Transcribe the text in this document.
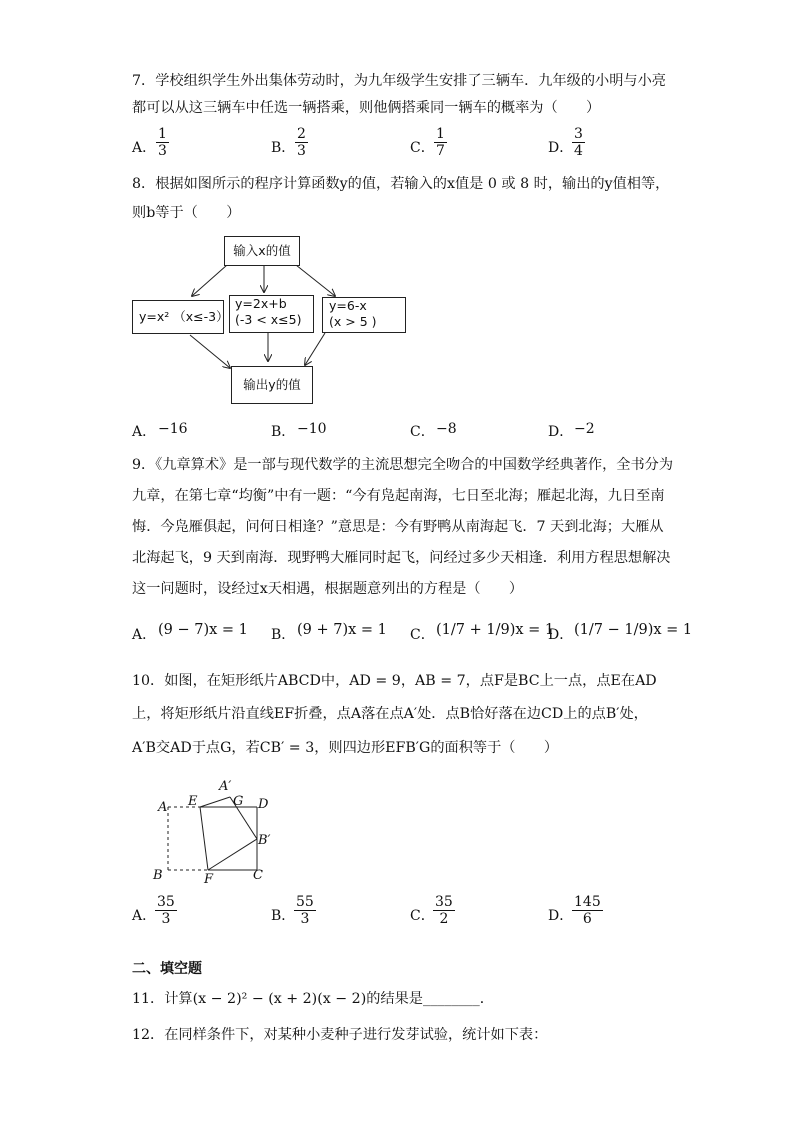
7．学校组织学生外出集体劳动时，为九年级学生安排了三辆车．九年级的小明与小亮
都可以从这三辆车中任选一辆搭乘，则他俩搭乘同一辆车的概率为（　　）
A． $\frac{1}{3}$	B． $\frac{2}{3}$	C． $\frac{1}{7}$	D．
$\frac{3}{4}$
8．根据如图所示的程序计算函数y的值，若输入的x值是 0 或 8 时，输出的y值相等，
则b等于（　　）
输入x的值
y=x² （x≤-3）
y=2x+b
(-3 < x≤5)
y=6-x
(x > 5 )
输出y的值
A． −16	B． −10	C． −8	D． −2
9．《九章算术》是一部与现代数学的主流思想完全吻合的中国数学经典著作，全书分为
九章，在第七章“均衡”中有一题：“今有凫起南海，七日至北海；雁起北海，九日至南
悔．今凫雁俱起，问何日相逢？”意思是：今有野鸭从南海起飞．7 天到北海；大雁从
北海起飞，9 天到南海．现野鸭大雁同时起飞，问经过多少天相逢．利用方程思想解决
这一问题时，设经过x天相遇，根据题意列出的方程是（　　）
A． (9 − 7)x = 1 B． (9 + 7)x = 1 C． (1/7 + 1/9)x = 1
D． (1/7 − 1/9)x = 1
10．如图，在矩形纸片ABCD中，AD = 9，AB = 7，点F是BC上一点，点E在AD
上，将矩形纸片沿直线EF折叠，点A落在点A′处．点B恰好落在边CD上的点B′处，
A′B交AD于点G，若CB′ = 3，则四边形EFB′G的面积等于（　　）
A E
A′
G D
B′
B	F	C
A．
$\frac{35}{3}$	B．
$\frac{55}{3}$	C．
$\frac{35}{2}$	D．
$\frac{145}{6}$
二、填空题
11．计算(x − 2)² − (x + 2)(x − 2)的结果是________．
12．在同样条件下，对某种小麦种子进行发芽试验，统计如下表：
